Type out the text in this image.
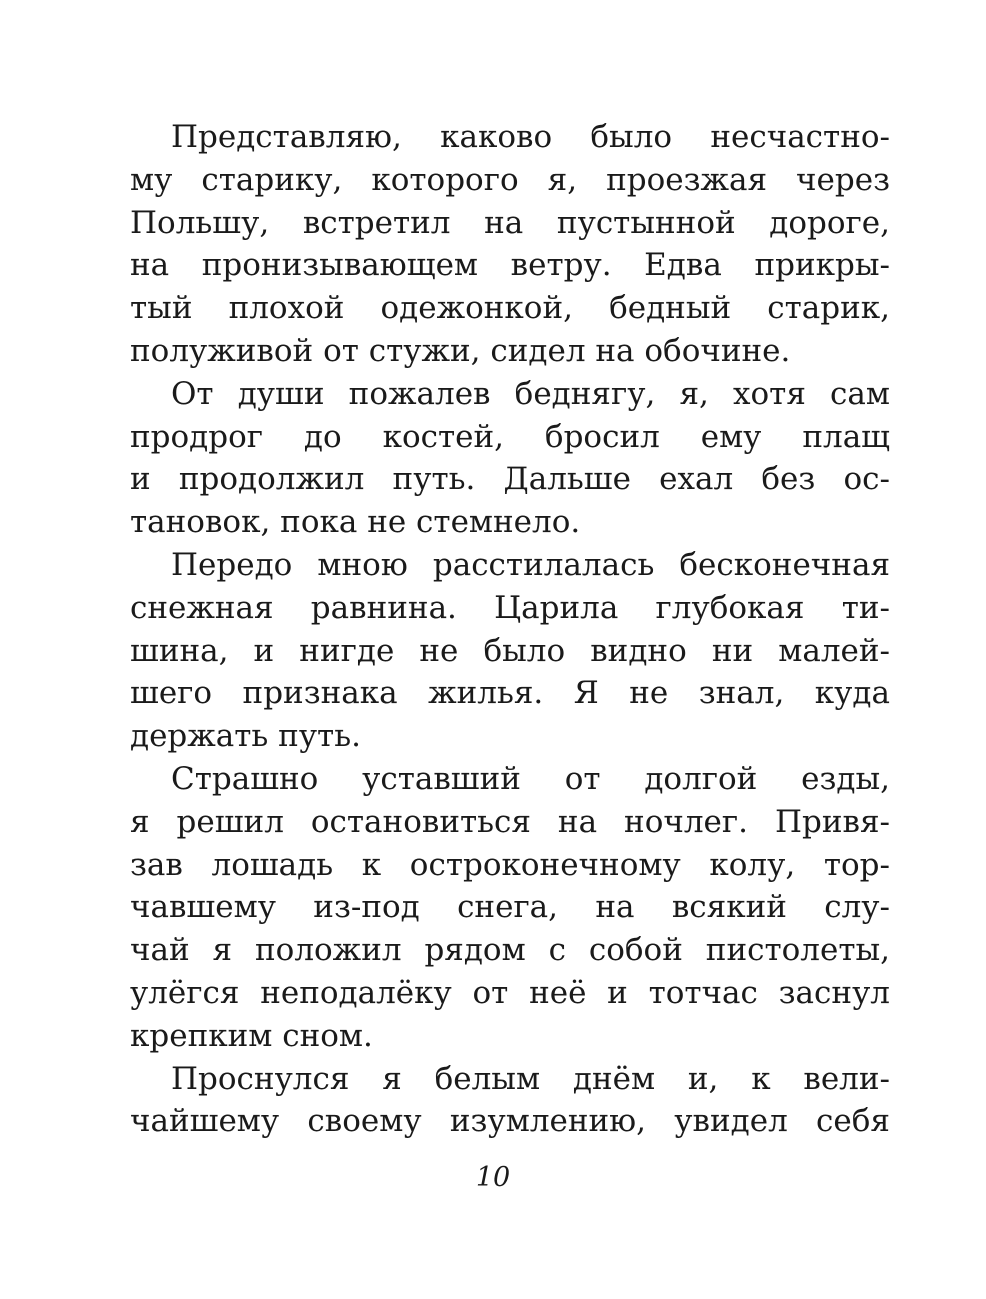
Представляю, каково было несчастно-
му старику, которого я, проезжая через
Польшу, встретил на пустынной дороге,
на пронизывающем ветру. Едва прикры-
тый плохой одежонкой, бедный старик,
полуживой от стужи, сидел на обочине.
От души пожалев беднягу, я, хотя сам
продрог до костей, бросил ему плащ
и продолжил путь. Дальше ехал без ос-
тановок, пока не стемнело.
Передо мною расстилалась бесконечная
снежная равнина. Царила глубокая ти-
шина, и нигде не было видно ни малей-
шего признака жилья. Я не знал, куда
держать путь.
Страшно уставший от долгой езды,
я решил остановиться на ночлег. Привя-
зав лошадь к остроконечному колу, тор-
чавшему из-под снега, на всякий слу-
чай я положил рядом с собой пистолеты,
улёгся неподалёку от неё и тотчас заснул
крепким сном.
Проснулся я белым днём и, к вели-
чайшему своему изумлению, увидел себя
10
